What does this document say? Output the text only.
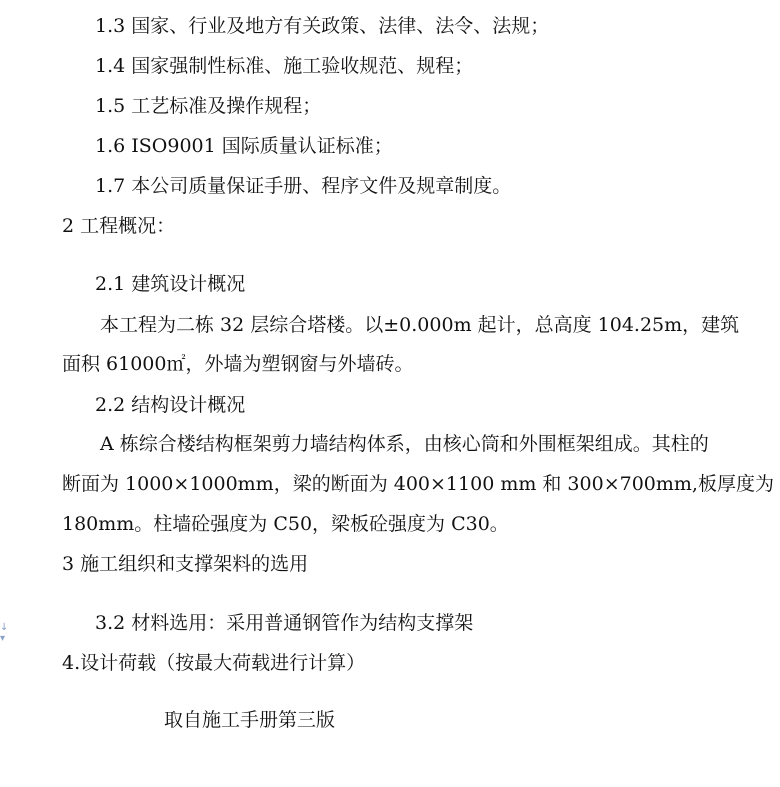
1.3 国家、行业及地方有关政策、法律、法令、法规；
1.4 国家强制性标准、施工验收规范、规程；
1.5 工艺标准及操作规程；
1.6 ISO9001 国际质量认证标准；
1.7 本公司质量保证手册、程序文件及规章制度。
2 工程概况：
2.1 建筑设计概况
本工程为二栋 32 层综合塔楼。以±0.000m 起计，总高度 104.25m，建筑
面积 61000㎡，外墙为塑钢窗与外墙砖。
2.2 结构设计概况
A 栋综合楼结构框架剪力墙结构体系，由核心筒和外围框架组成。其柱的
断面为 1000×1000mm，梁的断面为 400×1100 mm 和 300×700mm,板厚度为
180mm。柱墙砼强度为 C50，梁板砼强度为 C30。
3 施工组织和支撑架料的选用
↓ ▾
3.2 材料选用：采用普通钢管作为结构支撑架
4.设计荷载（按最大荷载进行计算）
取自施工手册第三版
